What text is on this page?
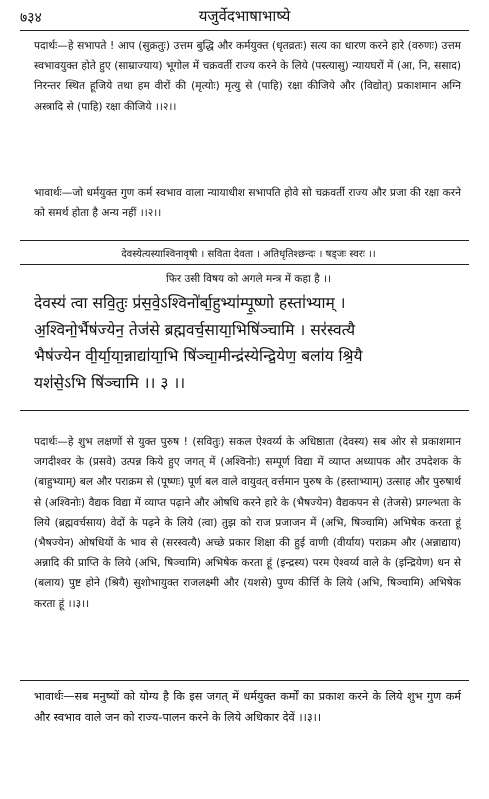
७३४	यजुर्वेदभाषाभाष्ये
पदार्थः—हे सभापते ! आप (सुक्रतुः) उत्तम बुद्धि और कर्मयुक्त (धृतव्रतः) सत्य का धारण करने हारे (वरुणः) उत्तम स्वभावयुक्त होते हुए (साम्राज्याय) भूगोल में चक्रवर्ती राज्य करने के लिये (पस्त्यासु) न्यायघरों में (आ, नि, ससाद) निरन्तर स्थित हूजिये तथा हम वीरों की (मृत्योः) मृत्यु से (पाहि) रक्षा कीजिये और (विद्योत्) प्रकाशमान अग्नि अस्त्रादि से (पाहि) रक्षा कीजिये ।।२।।
भावार्थः—जो धर्मयुक्त गुण कर्म स्वभाव वाला न्यायाधीश सभापति होवे सो चक्रवर्ती राज्य और प्रजा की रक्षा करने को समर्थ होता है अन्य नहीं ।।२।।
देवस्येत्यस्याश्विनावृषी । सविता देवता । अतिधृतिश्छन्दः । षड्जः स्वरः ।।
फिर उसी विषय को अगले मन्त्र में कहा है ।।
देवस्य॑ त्वा सवि॒तुः प्र॑स॒वे॒ऽश्विनो॑र्बा॒हुभ्या॑म्पू॒ष्णो हस्ता॑भ्याम् ।
अ॒श्विनो॒र्भैष॑ज्येन॒ तेज॑से ब्रह्मवर्च॒साया॒भिषि॑ञ्चामि । सर॑स्वत्यै
भैष॑ज्येन वी॒र्या॒या॒न्नाद्या॑या॒भि षि॑ञ्चा॒मीन्द्र॑स्येन्द्रि॒येण॒ बला॑य श्रि॒यै
यश॑से॒ऽभि षि॑ञ्चामि ।। ३ ।।
पदार्थः—हे शुभ लक्षणों से युक्त पुरुष ! (सवितुः) सकल ऐश्वर्य्य के अधिष्ठाता (देवस्य) सब ओर से प्रकाशमान जगदीश्वर के (प्रसवे) उत्पन्न किये हुए जगत् में (अश्विनोः) सम्पूर्ण विद्या में व्याप्त अध्यापक और उपदेशक के (बाहुभ्याम्) बल और पराक्रम से (पूष्णः) पूर्ण बल वाले वायुवत् वर्त्तमान पुरुष के (हस्ताभ्याम्) उत्साह और पुरुषार्थ से (अश्विनोः) वैद्यक विद्या में व्याप्त पढ़ाने और ओषधि करने हारे के (भैषज्येन) वैद्यकपन से (तेजसे) प्रगल्भता के लिये (ब्रह्मवर्चसाय) वेदों के पढ़ने के लिये (त्वा) तुझ को राज प्रजाजन में (अभि, षिञ्चामि) अभिषेक करता हूं (भैषज्येन) ओषधियों के भाव से (सरस्वत्यै) अच्छे प्रकार शिक्षा की हुई वाणी (वीर्याय) पराक्रम और (अन्नाद्याय) अन्नादि की प्राप्ति के लिये (अभि, षिञ्चामि) अभिषेक करता हूं (इन्द्रस्य) परम ऐश्वर्य्य वाले के (इन्द्रियेण) धन से (बलाय) पुष्ट होने (श्रियै) सुशोभायुक्त राजलक्ष्मी और (यशसे) पुण्य कीर्त्ति के लिये (अभि, षिञ्चामि) अभिषेक करता हूं ।।३।।
भावार्थः—सब मनुष्यों को योग्य है कि इस जगत् में धर्मयुक्त कर्मों का प्रकाश करने के लिये शुभ गुण कर्म और स्वभाव वाले जन को राज्य-पालन करने के लिये अधिकार देवें ।।३।।
